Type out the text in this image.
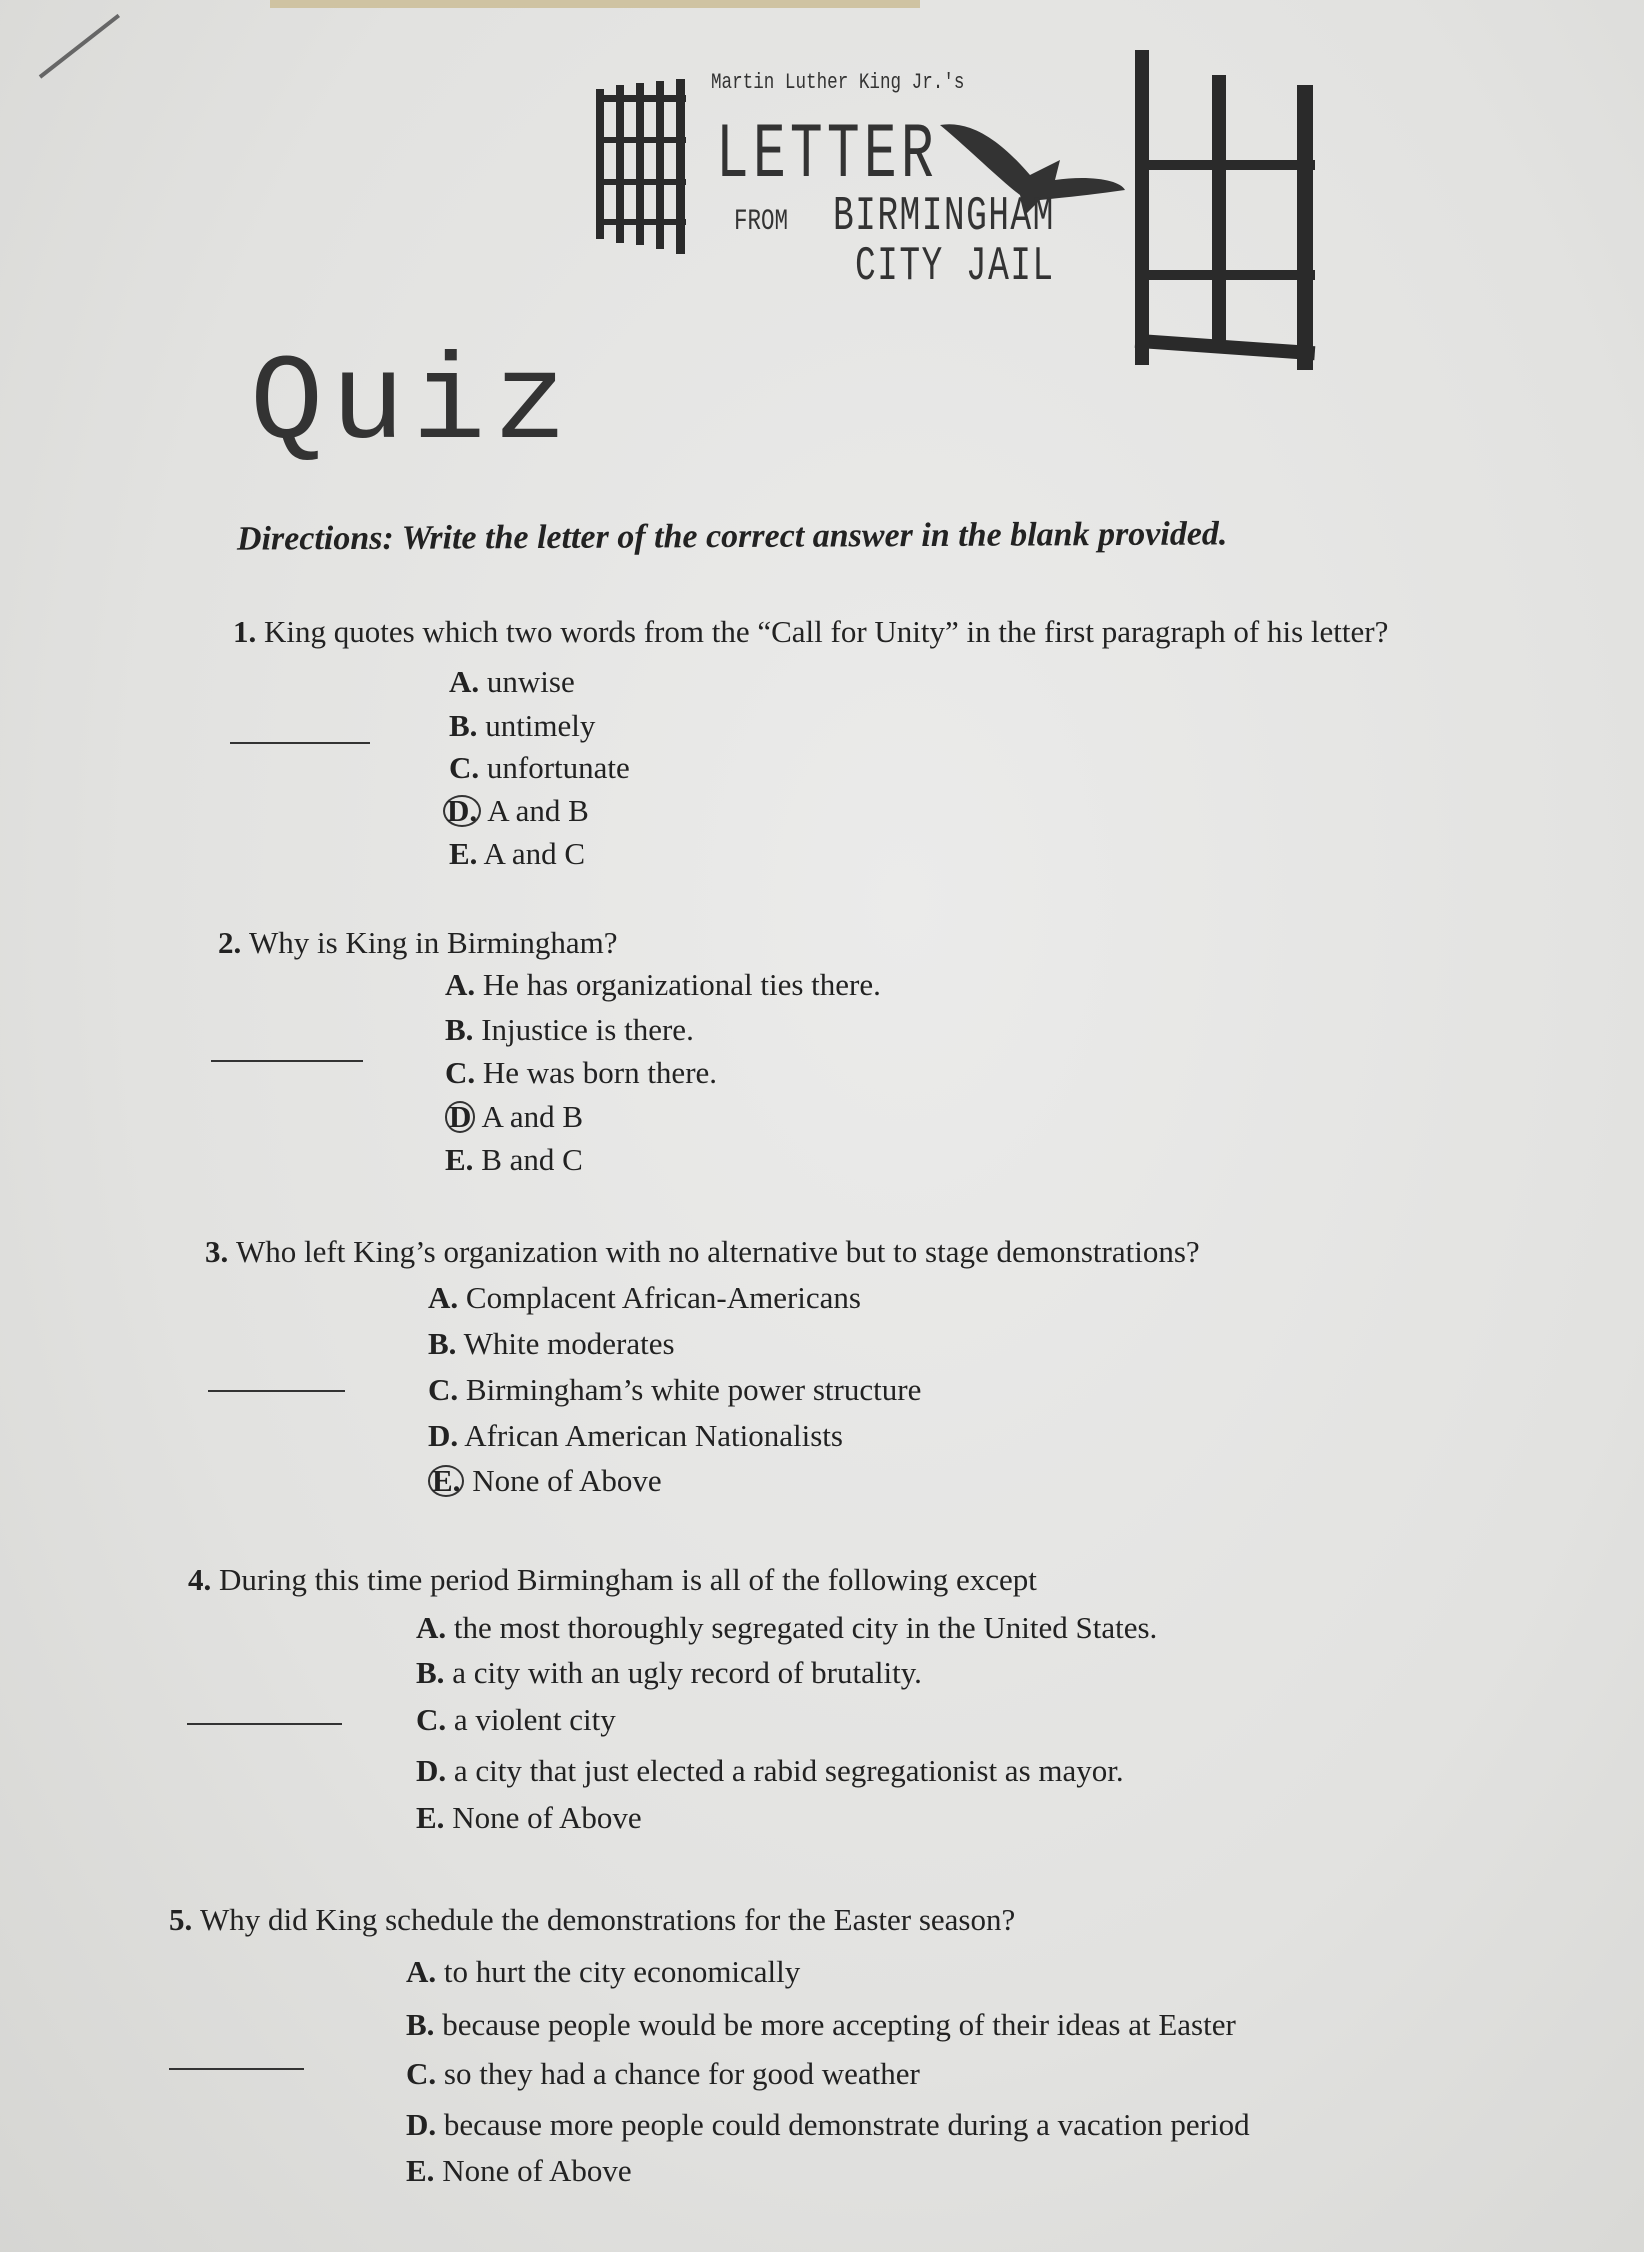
Martin Luther King Jr.'s
LETTER
FROM BIRMINGHAM
CITY JAIL
Quiz
Directions: Write the letter of the correct answer in the blank provided.
1. King quotes which two words from the “Call for Unity” in the first paragraph of his letter?
A. unwise
B. untimely
C. unfortunate
D. A and B
E. A and C
2. Why is King in Birmingham?
A. He has organizational ties there.
B. Injustice is there.
C. He was born there.
D A and B
E. B and C
3. Who left King’s organization with no alternative but to stage demonstrations?
A. Complacent African-Americans
B. White moderates
C. Birmingham’s white power structure
D. African American Nationalists
E. None of Above
4. During this time period Birmingham is all of the following except
A. the most thoroughly segregated city in the United States.
B. a city with an ugly record of brutality.
C. a violent city
D. a city that just elected a rabid segregationist as mayor.
E. None of Above
5. Why did King schedule the demonstrations for the Easter season?
A. to hurt the city economically
B. because people would be more accepting of their ideas at Easter
C. so they had a chance for good weather
D. because more people could demonstrate during a vacation period
E. None of Above
